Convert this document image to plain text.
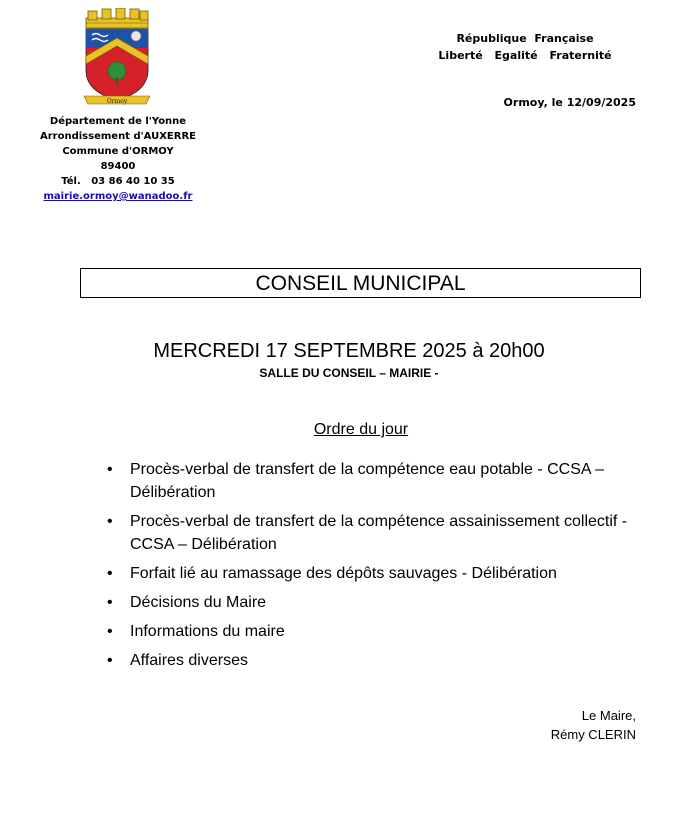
Ormoy
Département de l'Yonne
Arrondissement d'AUXERRE
Commune d'ORMOY
89400
Tél. 03 86 40 10 35
mairie.ormoy@wanadoo.fr
République  Française
Liberté Egalité Fraternité
Ormoy, le 12/09/2025
CONSEIL MUNICIPAL
MERCREDI 17 SEPTEMBRE 2025 à 20h00
SALLE DU CONSEIL – MAIRIE -
Ordre du jour
• Procès-verbal de transfert de la compétence eau potable - CCSA – Délibération
• Procès-verbal de transfert de la compétence assainissement collectif - CCSA – Délibération
• Forfait lié au ramassage des dépôts sauvages - Délibération
• Décisions du Maire
• Informations du maire
• Affaires diverses
Le Maire,
Rémy CLERIN
